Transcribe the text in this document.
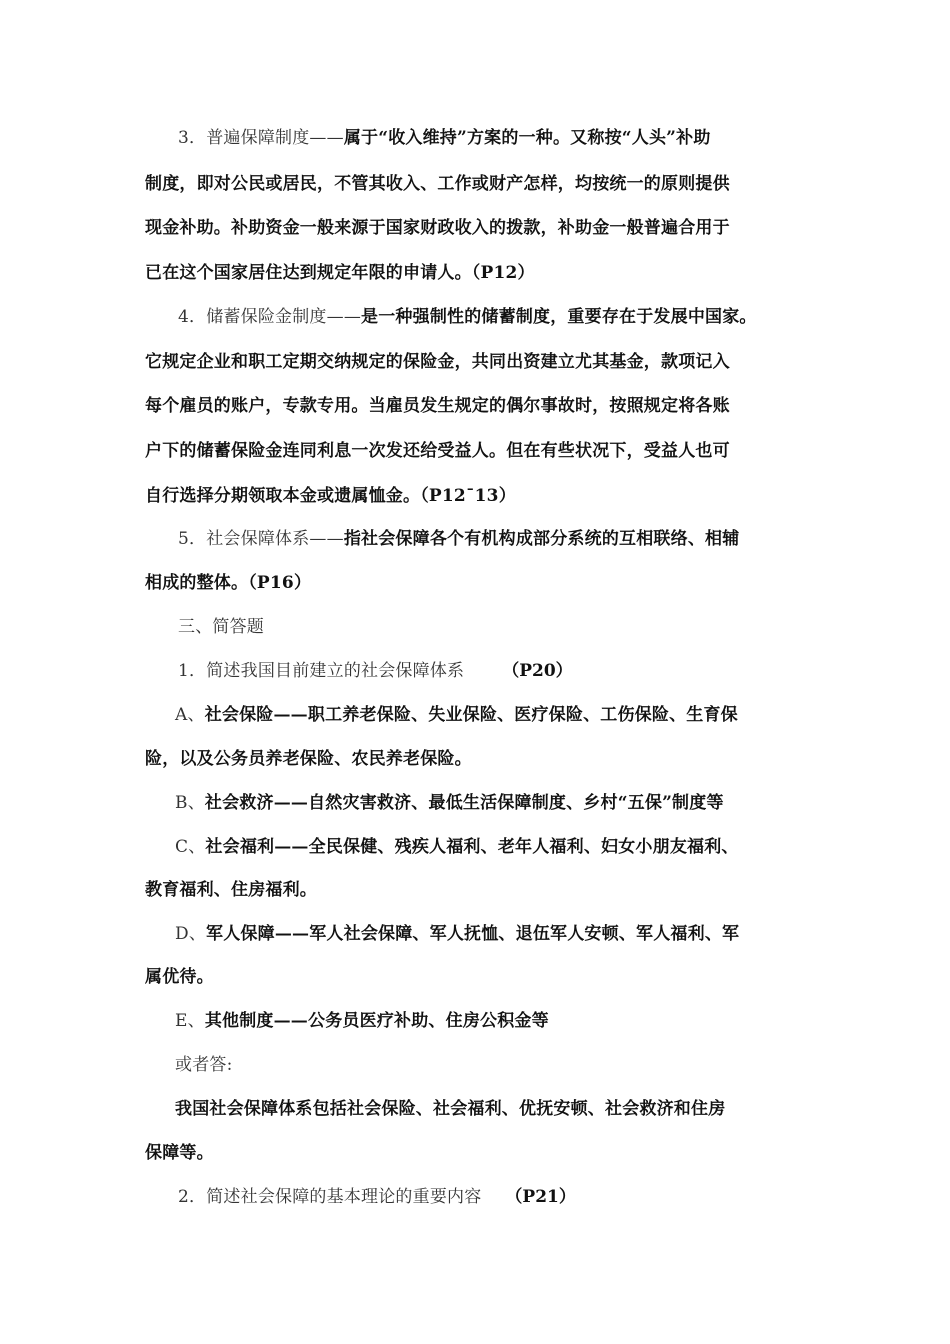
3．普遍保障制度——属于“收入维持”方案的一种。又称按“人头”补助
制度，即对公民或居民，不管其收入、工作或财产怎样，均按统一的原则提供
现金补助。补助资金一般来源于国家财政收入的拨款，补助金一般普遍合用于
已在这个国家居住达到规定年限的申请人。（P12）
4．储蓄保险金制度——是一种强制性的储蓄制度，重要存在于发展中国家。
它规定企业和职工定期交纳规定的保险金，共同出资建立尤其基金，款项记入
每个雇员的账户，专款专用。当雇员发生规定的偶尔事故时，按照规定将各账
户下的储蓄保险金连同利息一次发还给受益人。但在有些状况下，受益人也可
自行选择分期领取本金或遗属恤金。（P12¯13）
5．社会保障体系——指社会保障各个有机构成部分系统的互相联络、相辅
相成的整体。（P16）
三、简答题
1．简述我国目前建立的社会保障体系 （P20）
A、社会保险——职工养老保险、失业保险、医疗保险、工伤保险、生育保
险，以及公务员养老保险、农民养老保险。
B、社会救济——自然灾害救济、最低生活保障制度、乡村“五保”制度等
C、社会福利——全民保健、残疾人福利、老年人福利、妇女小朋友福利、
教育福利、住房福利。
D、军人保障——军人社会保障、军人抚恤、退伍军人安顿、军人福利、军
属优待。
E、其他制度——公务员医疗补助、住房公积金等
或者答:
我国社会保障体系包括社会保险、社会福利、优抚安顿、社会救济和住房
保障等。
2．简述社会保障的基本理论的重要内容 （P21）
